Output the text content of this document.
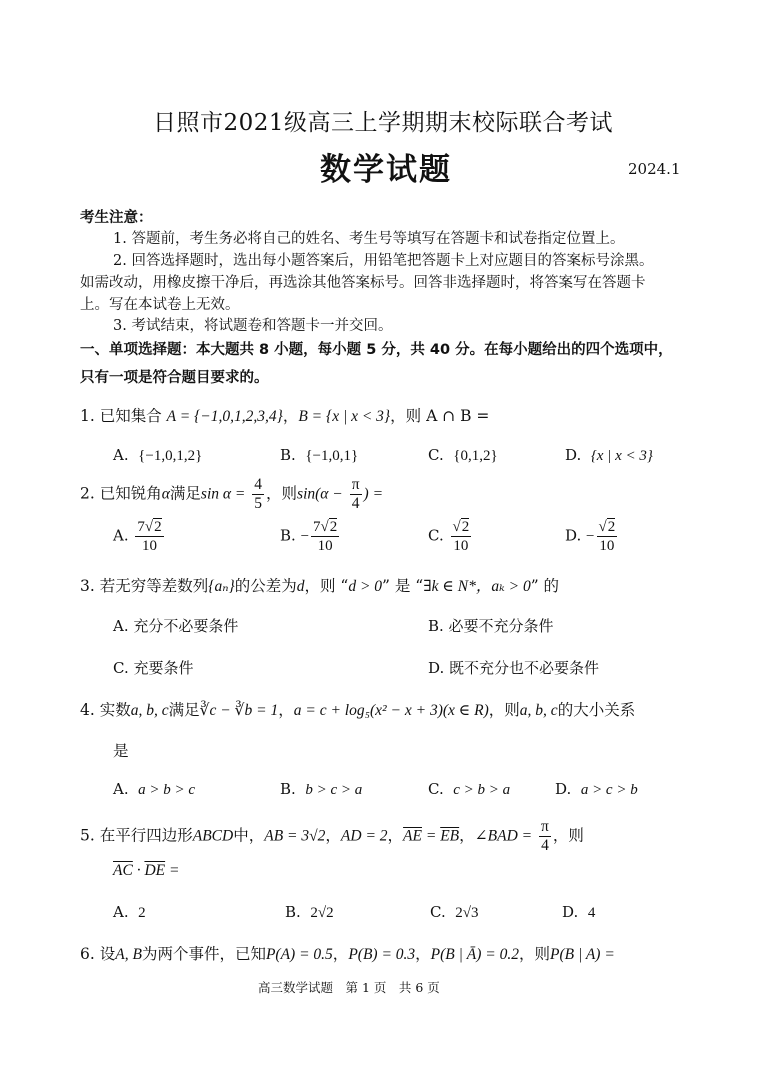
日照市2021级高三上学期期末校际联合考试
数学试题	2024.1
考生注意：
1. 答题前，考生务必将自己的姓名、考生号等填写在答题卡和试卷指定位置上。
2. 回答选择题时，选出每小题答案后，用铅笔把答题卡上对应题目的答案标号涂黑。
如需改动，用橡皮擦干净后，再选涂其他答案标号。回答非选择题时，将答案写在答题卡
上。写在本试卷上无效。
3. 考试结束，将试题卷和答题卡一并交回。
一、单项选择题：本大题共 8 小题，每小题 5 分，共 40 分。在每小题给出的四个选项中，
只有一项是符合题目要求的。
1. 已知集合 A = {−1,0,1,2,3,4}，B = {x | x < 3}，则 A ∩ B =
A. {−1,0,1,2}	B. {−1,0,1}	C. {0,1,2}	D. {x | x < 3}
2. 已知锐角α满足$\sin \alpha = \frac{4}{5}$ ，则$\sin(\alpha - \frac{\pi}{4}$ ) =
A. $\frac{7√2}{10}$	B. − $\frac{7√2}{10}$	C. $\frac{√2}{10}$	D. − $\frac{√2}{10}$
3. 若无穷等差数列{aₙ}的公差为d，则 “d > 0” 是 “∃k ∈ N*，aₖ > 0” 的
A. 充分不必要条件	B. 必要不充分条件
C. 充要条件	D. 既不充分也不必要条件
4. 实数a, b, c满足∛c − ∛b = 1，a = c + log₅(x² − x + 3)(x ∈ R)，则a, b, c的大小关系
是
A. a > b > c	B. b > c > a	C. c > b > a	D. a > c > b
5. 在平行四边形ABCD中，AB = 3√2，AD = 2，$\overline{AE} = \overline{EB}$，∠BAD = $\frac{\pi}{4}$ ，则
$\overline{AC} \cdot \overline{DE}$ =
A. 2	B. 2√2	C. 2√3	D. 4
6. 设A, B为两个事件，已知P(A) = 0.5，P(B) = 0.3，P(B | Ā) = 0.2，则P(B | A) =
高三数学试题　第 1 页　共 6 页
